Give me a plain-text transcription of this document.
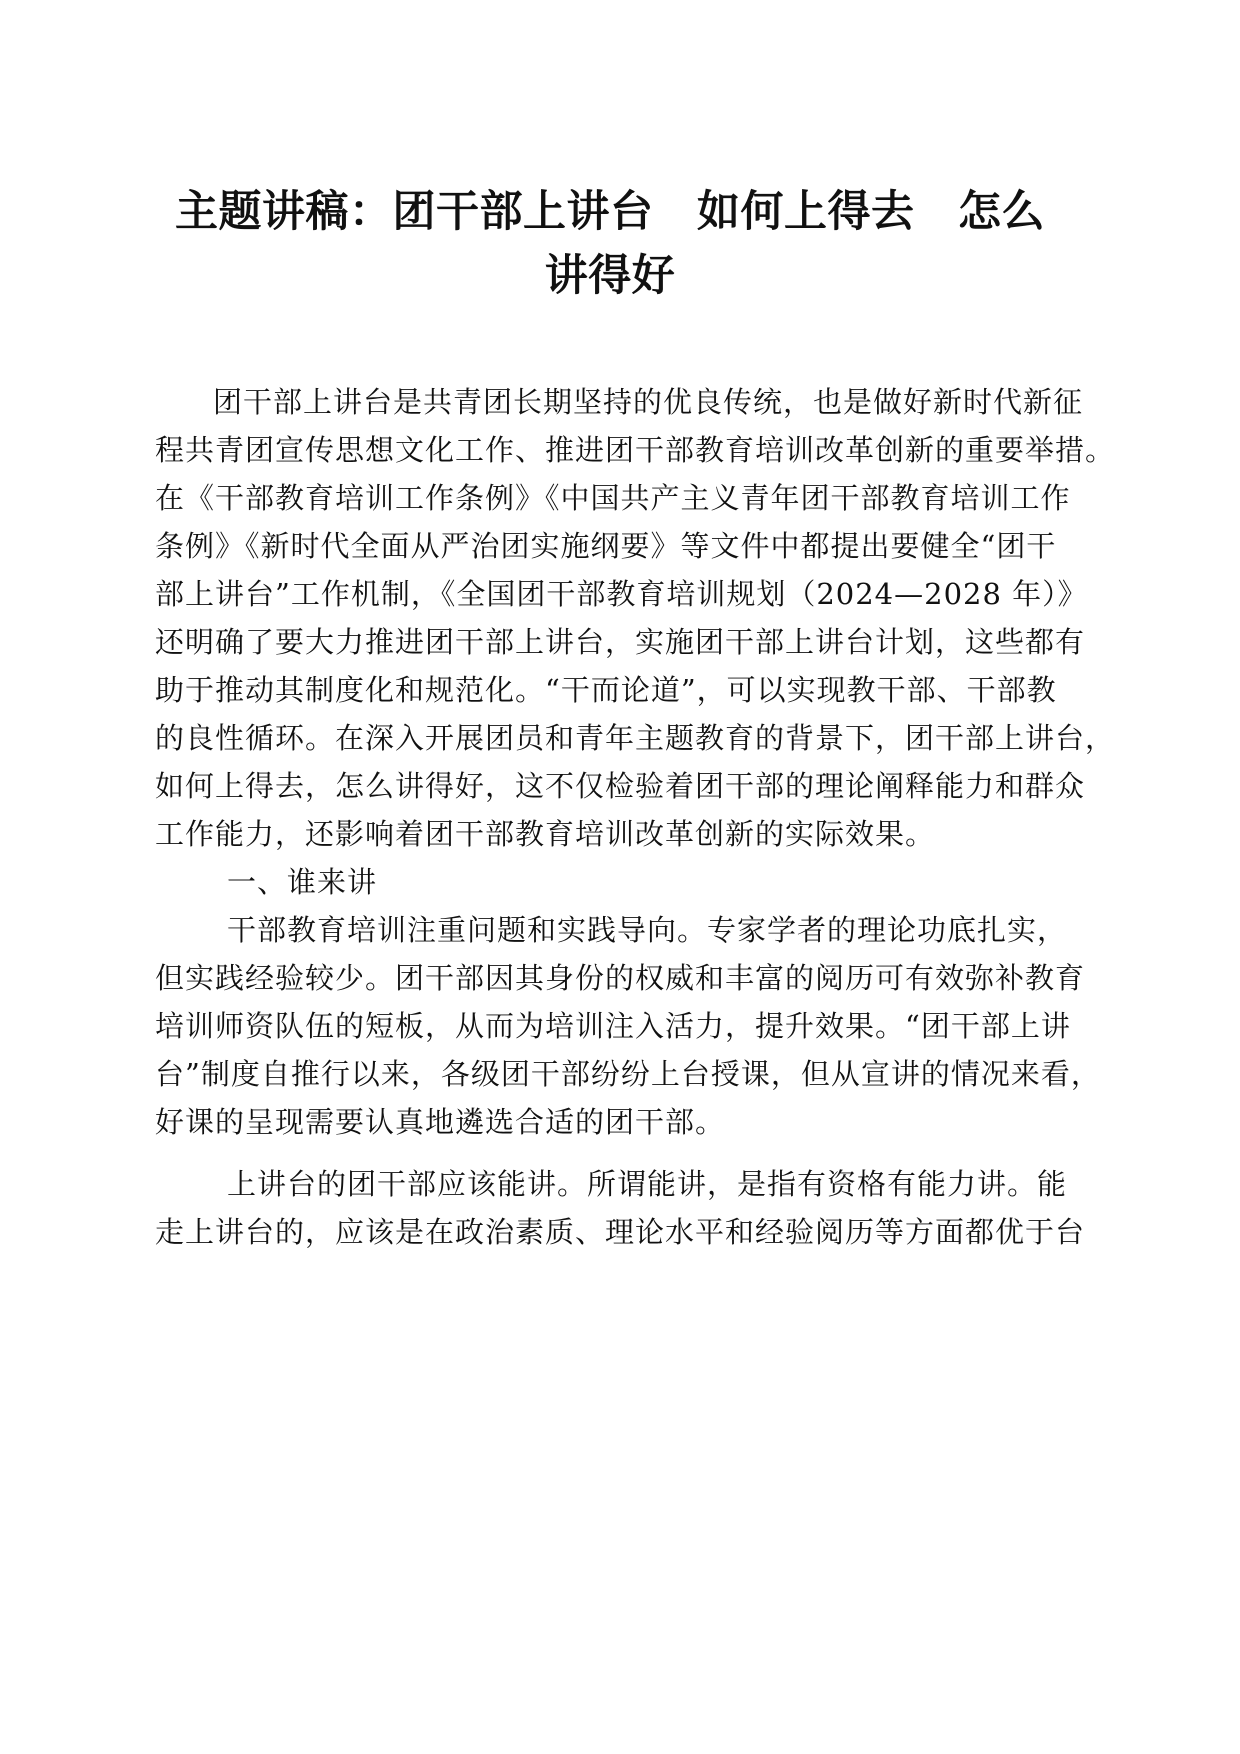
主题讲稿：团干部上讲台　如何上得去　怎么
讲得好
团干部上讲台是共青团长期坚持的优良传统，也是做好新时代新征
程共青团宣传思想文化工作、推进团干部教育培训改革创新的重要举措。
在《干部教育培训工作条例》《中国共产主义青年团干部教育培训工作
条例》《新时代全面从严治团实施纲要》等文件中都提出要健全“团干
部上讲台”工作机制，《全国团干部教育培训规划（2024—2028 年）》
还明确了要大力推进团干部上讲台，实施团干部上讲台计划，这些都有
助于推动其制度化和规范化。“干而论道”，可以实现教干部、干部教
的良性循环。在深入开展团员和青年主题教育的背景下，团干部上讲台，
如何上得去，怎么讲得好，这不仅检验着团干部的理论阐释能力和群众
工作能力，还影响着团干部教育培训改革创新的实际效果。
一、谁来讲
干部教育培训注重问题和实践导向。专家学者的理论功底扎实，
但实践经验较少。团干部因其身份的权威和丰富的阅历可有效弥补教育
培训师资队伍的短板，从而为培训注入活力，提升效果。“团干部上讲
台”制度自推行以来，各级团干部纷纷上台授课，但从宣讲的情况来看，
好课的呈现需要认真地遴选合适的团干部。
上讲台的团干部应该能讲。所谓能讲，是指有资格有能力讲。能
走上讲台的，应该是在政治素质、理论水平和经验阅历等方面都优于台
